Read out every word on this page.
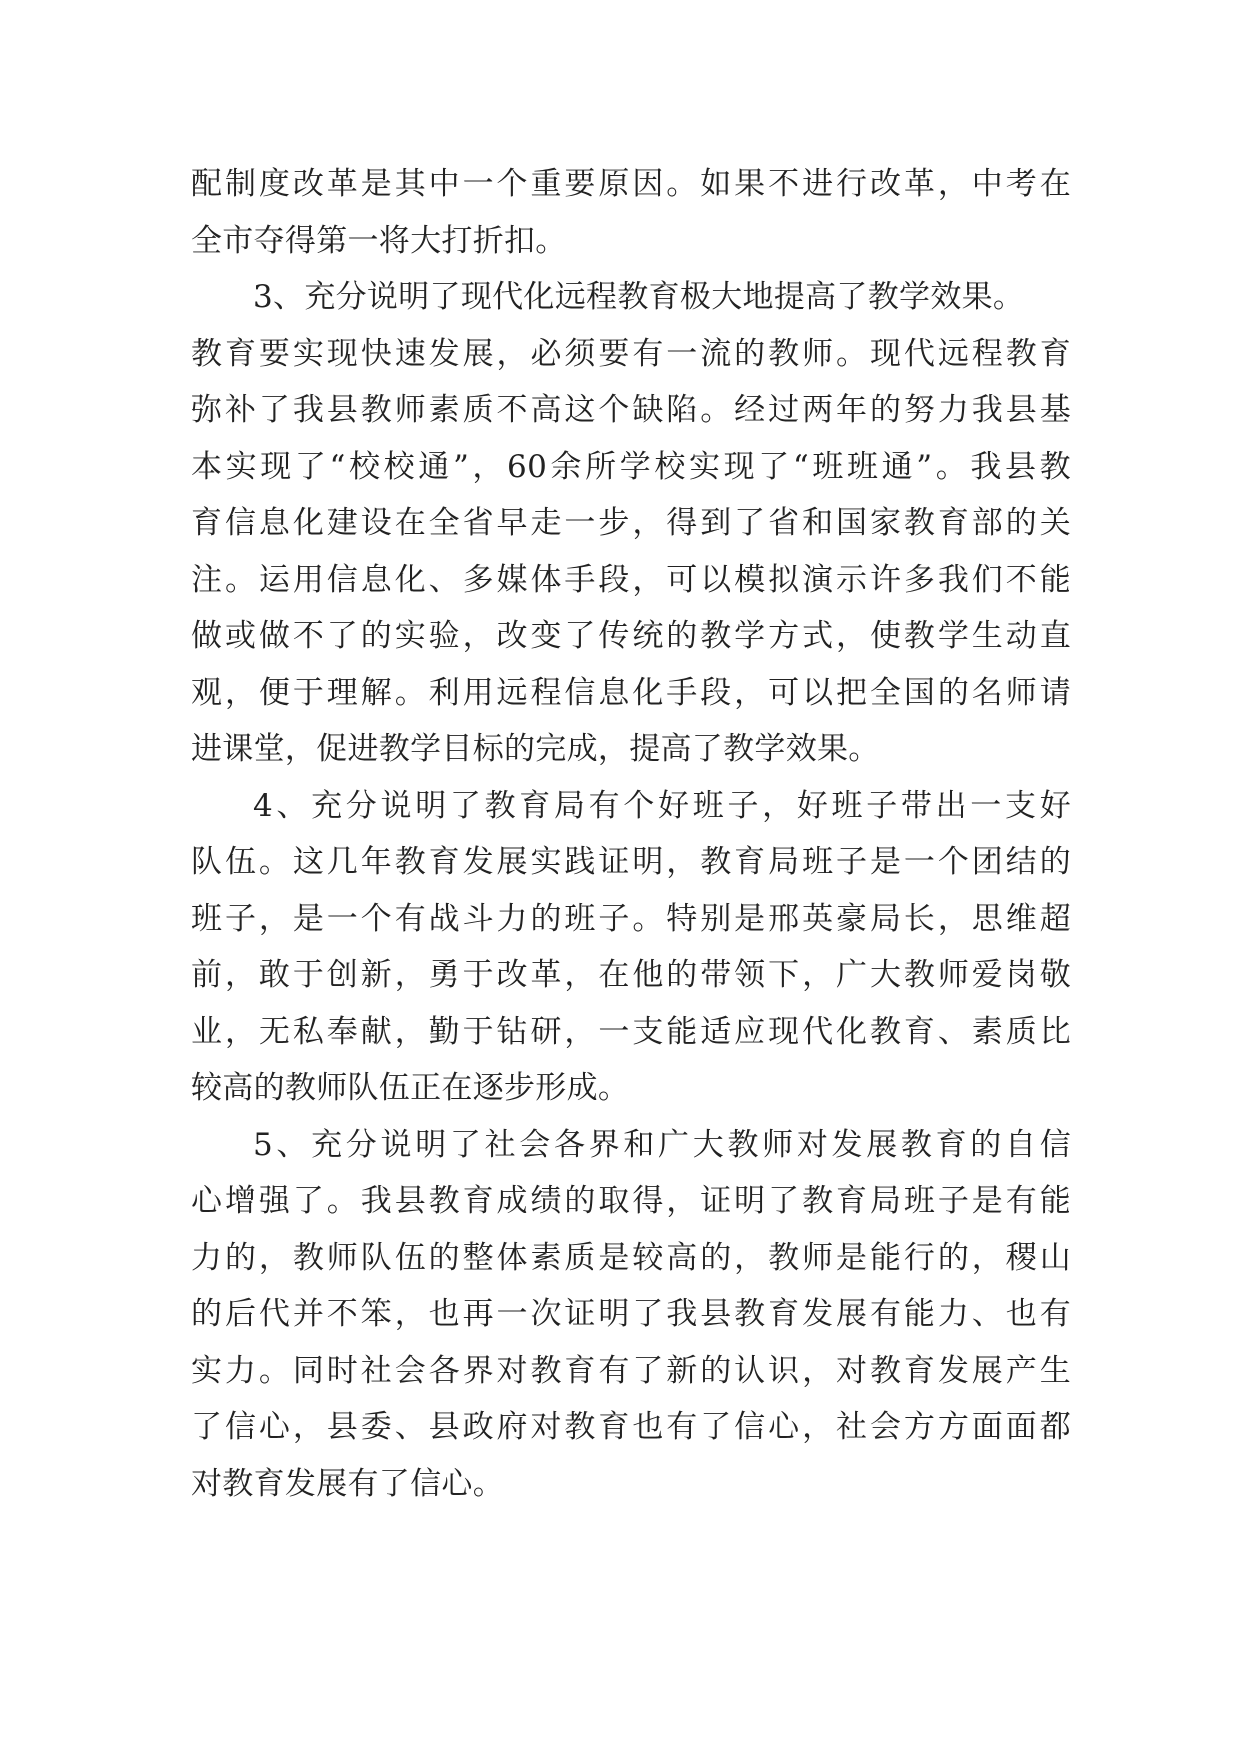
配制度改革是其中一个重要原因。如果不进行改革，中考在
全市夺得第一将大打折扣。
3、充分说明了现代化远程教育极大地提高了教学效果。
教育要实现快速发展，必须要有一流的教师。现代远程教育
弥补了我县教师素质不高这个缺陷。经过两年的努力我县基
本实现了“校校通”，60余所学校实现了“班班通”。我县教
育信息化建设在全省早走一步，得到了省和国家教育部的关
注。运用信息化、多媒体手段，可以模拟演示许多我们不能
做或做不了的实验，改变了传统的教学方式，使教学生动直
观，便于理解。利用远程信息化手段，可以把全国的名师请
进课堂，促进教学目标的完成，提高了教学效果。
4、充分说明了教育局有个好班子，好班子带出一支好
队伍。这几年教育发展实践证明，教育局班子是一个团结的
班子，是一个有战斗力的班子。特别是邢英豪局长，思维超
前，敢于创新，勇于改革，在他的带领下，广大教师爱岗敬
业，无私奉献，勤于钻研，一支能适应现代化教育、素质比
较高的教师队伍正在逐步形成。
5、充分说明了社会各界和广大教师对发展教育的自信
心增强了。我县教育成绩的取得，证明了教育局班子是有能
力的，教师队伍的整体素质是较高的，教师是能行的，稷山
的后代并不笨，也再一次证明了我县教育发展有能力、也有
实力。同时社会各界对教育有了新的认识，对教育发展产生
了信心，县委、县政府对教育也有了信心，社会方方面面都
对教育发展有了信心。
